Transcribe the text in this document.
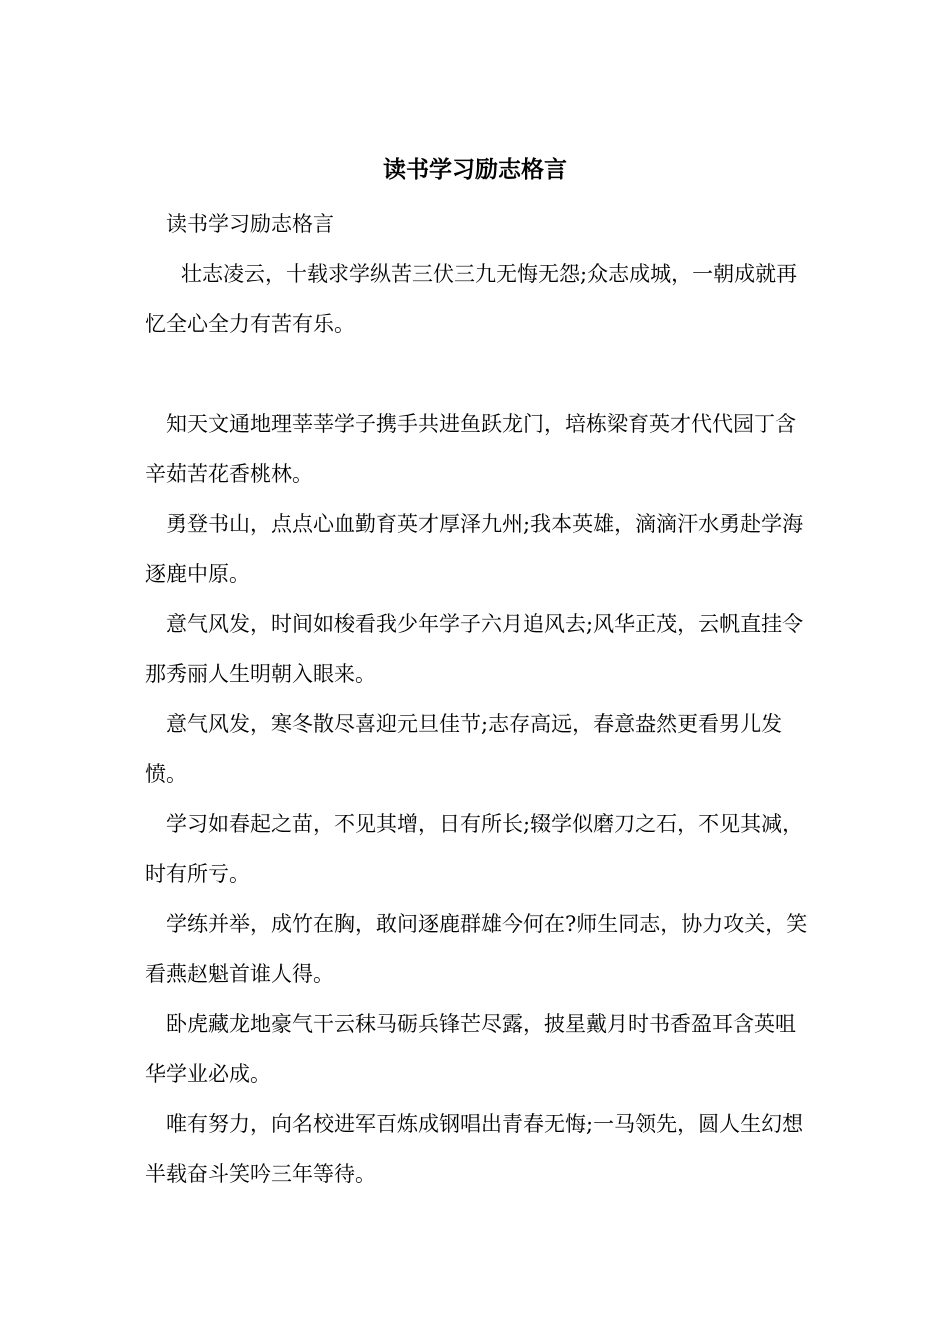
读书学习励志格言

读书学习励志格言

壮志凌云，十载求学纵苦三伏三九无悔无怨;众志成城，一朝成就再忆全心全力有苦有乐。

知天文通地理莘莘学子携手共进鱼跃龙门，培栋梁育英才代代园丁含辛茹苦花香桃林。

勇登书山，点点心血勤育英才厚泽九州;我本英雄，滴滴汗水勇赴学海逐鹿中原。

意气风发，时间如梭看我少年学子六月追风去;风华正茂，云帆直挂令那秀丽人生明朝入眼来。

意气风发，寒冬散尽喜迎元旦佳节;志存高远，春意盎然更看男儿发愤。

学习如春起之苗，不见其增，日有所长;辍学似磨刀之石，不见其减，时有所亏。

学练并举，成竹在胸，敢问逐鹿群雄今何在?师生同志，协力攻关，笑看燕赵魁首谁人得。

卧虎藏龙地豪气干云秣马砺兵锋芒尽露，披星戴月时书香盈耳含英咀华学业必成。

唯有努力，向名校进军百炼成钢唱出青春无悔;一马领先，圆人生幻想半载奋斗笑吟三年等待。
